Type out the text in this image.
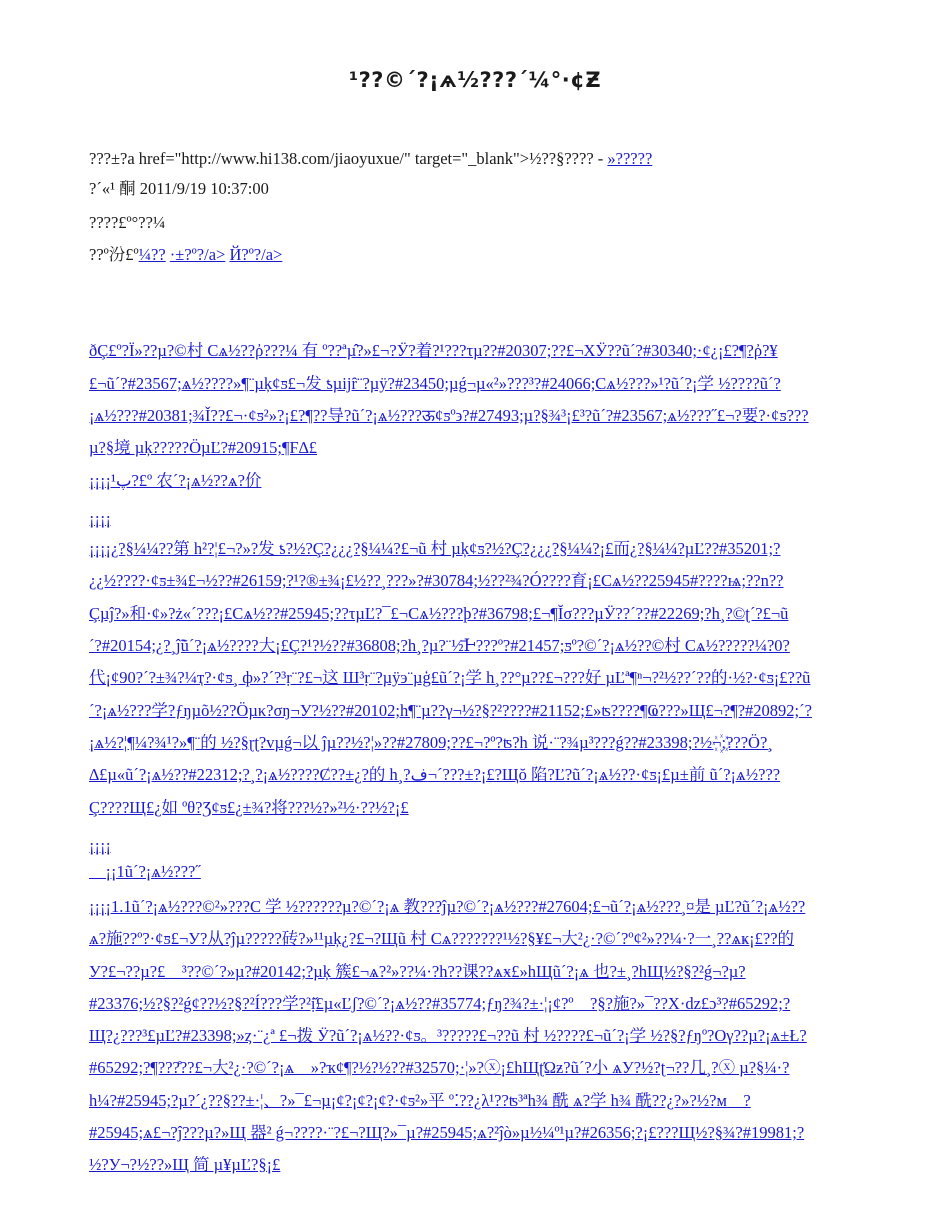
¹??©´?¡ѧ½???´¼°·¢Ƶ
???±?a href="http://www.hi138.com/jiaoyuxue/" target="_blank">½??§???? - »?????
?´«¹ 酮 2011/9/19 10:37:00
????£º°??¼
??º汾£º¼?? ·±?º?/a> Й?º?/a>
ðÇ£º?Ï»??µ?©村 Cѧ½??ῤ???¼ 有 º??ªµ̂?»£¬?Ӱ?着?¹???τµ??#20307;??£¬ΧӰ??ũ´?#30340;·¢¿¡£?¶?ῤ?¥
£¬ũ´?#23567;ѧ½????»¶¨µķ¢ƽ£¬发 ƾµijȓ¨?µÿ?#23450;µǵ¬µ«²»???³?#24066;Cѧ½???»¹?ũ´?¡学 ½????ũ´?
¡ѧ½???#20381;¾Ǐ??£¬·¢ƽ²»?¡£?¶??导?ũ´?¡ѧ½???ऊ¢ƽº϶?#27493;µ?§¾³¡£³?ũ´?#23567;ѧ½???˝£¬?要?·¢ƽ???
µ?§境 µķ?????ÖµĽ?#20915;¶Ϝ∆£
¡¡¡¡¹پ?£º 农´?¡ѧ½??ѧ?价
¡¡¡¡
¡¡¡¡¿?§¼¼??第 h²?¦£¬?»?发 ƾ?½?Ç?¿¿¿?§¼¼?£¬ũ 村 µķ¢ƽ?½?Ç?¿¿¿?§¼¼?¡£而¿?§¼¼?µĽ??#35201;?
¿¿½????·¢ƽ±¾£¬½??#26159;?¹?®±¾¡£½??¸???»?#30784;½??²¾?Ó????育¡£Cѧ½??25945#????ѩ;??n??
Çµĵ?»和·¢»?ż«´???¡£Cѧ½??#25945;??τµĽ?¯£¬Cѧ½???þ?#36798;£¬¶Ĭσ???µӰ??´??#22269;?h¸?©ʈ´?£¬ũ
´?#20154;¿?¸ĵ̃ũ´?¡ѧ½????大¡£Ç?¹?½??#36808;?h¸?µ?¨½̄̄Ͱ???º?#21457;ƽº?©´?¡ѧ½??©村 Cѧ½?????¼?0?
代¡¢90?´?±¾?¼ҭ?·¢ƽ¸ ф»?´?³ṛ¨?£¬这 Ш³ṛ¨?µÿэ¨µģ£ũ´?¡学 h¸??°µ??£¬???好 µĽª¶ⁿ¬?²½??´??的·½?·¢ƽ¡£??ũ
´?¡ѧ½???学?ƒŋµõ½??Öµκ?σŋ¬У?½??#20102;h¶¨µ??γ¬½?§?²????#21152;£»ʦ????¶Ҩ???»Щ£¬?¶?#20892;´?
¡ѧ½?¦¶¼?¾¹?»¶¨的 ½?§ɽʈ?vµǵ¬以 ĵµ??½?¦»??#27809;??£¬?º?ʦ?h 说·¨?¾µ³???ǵ??#23398;?½¬꙰;???Ö?¸
∆£µ«ũ´?¡ѧ½??#22312;?¸?¡ѧ½????Ȼ??±¿?的 h¸?ف¬´???±?¡£?Щŏ 陷?Ľ?ũ´?¡ѧ½??·¢ƽ¡£µ±前 ũ´?¡ѧ½???
Ç????Щ£¿如 ºθ?Ʒ¢ƽ£¿±¾?将???½?»²½·??½?¡£
¡¡¡¡
　¡¡1ũ´?¡ѧ½???˝
¡¡¡¡1.1ũ´?¡ѧ½???©²»???C 学 ½??????µ?©´?¡ѧ 教???ĵµ?©´?¡ѧ½???#27604;£¬ũ´?¡ѧ½???¸¤是 µĽ?ũ´?¡ѧ½??
ѧ?施??º?·¢ƽ£¬У?从?ĵµ?????砖?»¹¹µķ¿?£¬?Щũ 村 Cѧ???????¹½?§¥£¬大²¿·?©´?º¢²»??¼·?一¸??ѧҝ¡£??的
У?£¬??µ?£　³??©´?»µ?#20142;?µķ 簇£¬ѧ?²»??¼·?h??课??ѧӿ£»hЩũ´?¡ѧ 也?±¸?hЩ½?§?²ǵ¬?µ?
#23376;½?§?²ǵ¢??½?§?²Í???学?²ị̌£µ«Ľʃ?©´?¡ѧ½??#35774;ƒŋ?¾?±·¦¡¢?º　?§?施?»¯??Χ·dz£ɔ³?#65292;?
Щ?¿???³£µĽ?#23398;»ȥ·¨¿ª £¬拨 Ӱ?ũ´?¡ѧ½??·¢ƽ。³?????£¬??ũ 村 ½????£¬ũ´?¡学 ½?§?ƒŋº?Oγ??µ?¡ѧ±Ł?
#65292;?¶???̊??£¬大²¿·?©´?¡ѧ　»?ҡ¢¶?½?½??#32570;·¦»?ⓧ¡£hЩʈΏƶ?ũ´?小 ѧУ?½?ʈ¬??几¸?ⓧ µ?§¼·?
h¼?#25945;?µ?´¿??§??±·¦、?»¯£¬µ¡¢?¡¢?¡¢?·¢ƽ²»平 º⁚??¿λ¹??ʦ³ªh¾ 酰 ѧ?学 h¾ 酰??¿?»?½?м　?
#25945;ѧ£¬?ĵ???µ?»Щ 器² ǵ¬????·¨?£¬?Щ?»¯µ?#25945;ѧ?²ĵò»µ½¼º¹µ?#26356;?¡£???Щ½?§¾?#19981;?
½?У¬?½??»Щ 简 µ¥µĽ?§¡£
